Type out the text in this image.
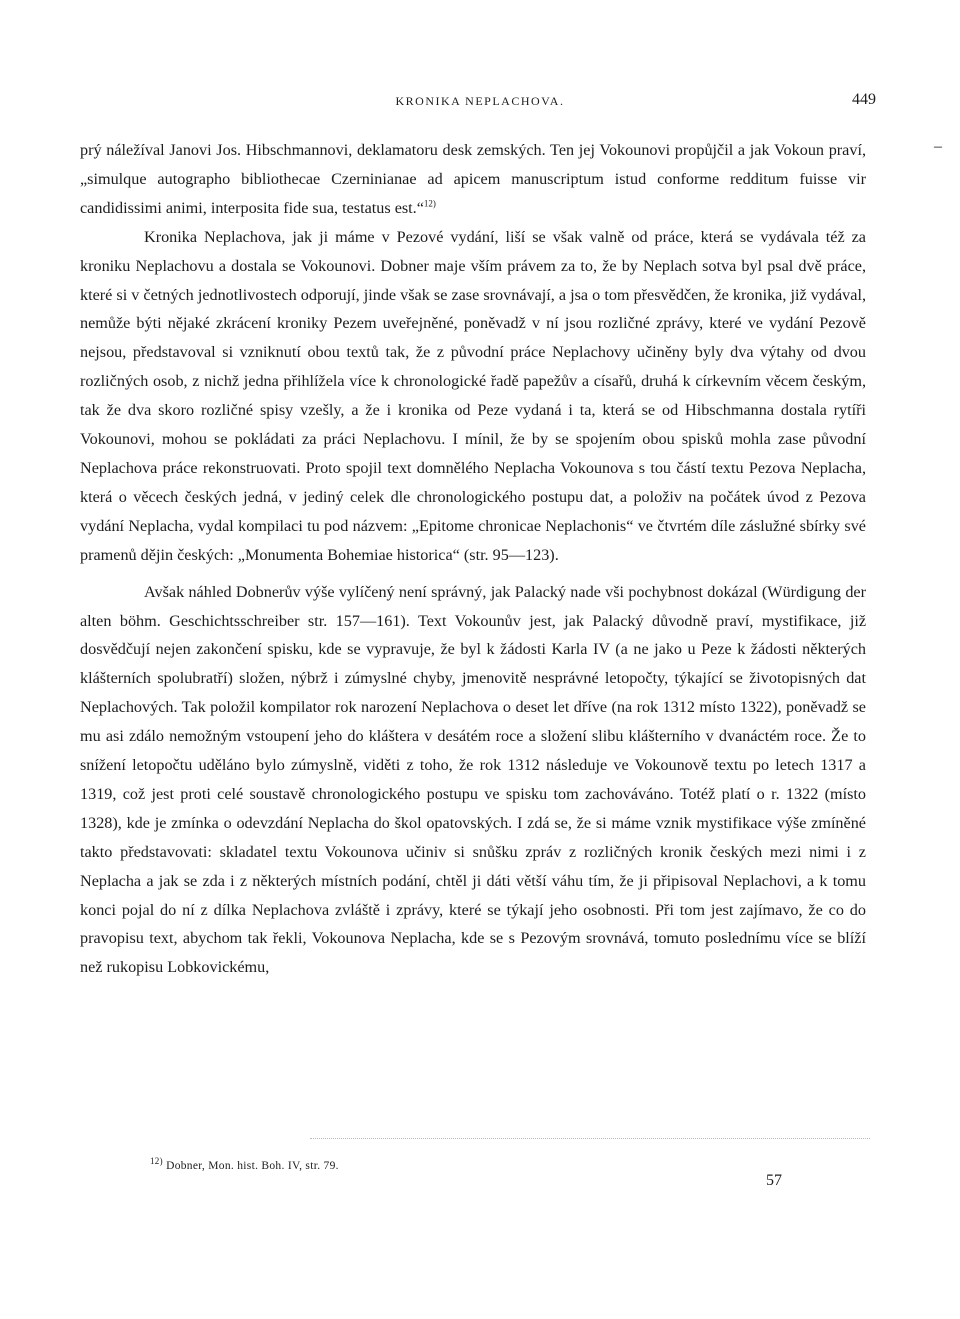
KRONIKA NEPLACHOVA.	449
–

prý náležíval Janovi Jos. Hibschmannovi, deklamatoru desk zemských. Ten jej Vokounovi propůjčil a jak Vokoun praví, „simulque autographo bibliothecae Czerninianae ad apicem manuscriptum istud conforme redditum fuisse vir candidissimi animi, interposita fide sua, testatus est.“$^{12)}$

Kronika Neplachova, jak ji máme v Pezové vydání, liší se však valně od práce, která se vydávala též za kroniku Neplachovu a dostala se Vokounovi. Dobner maje vším právem za to, že by Neplach sotva byl psal dvě práce, které si v četných jednotlivostech odporují, jinde však se zase srovnávají, a jsa o tom přesvědčen, že kronika, již vydával, nemůže býti nějaké zkrácení kroniky Pezem uveřejněné, poněvadž v ní jsou rozličné zprávy, které ve vydání Pezově nejsou, představoval si vzniknutí obou textů tak, že z původní práce Neplachovy učiněny byly dva výtahy od dvou rozličných osob, z nichž jedna přihlížela více k chronologické řadě papežův a císařů, druhá k církevním věcem českým, tak že dva skoro rozličné spisy vzešly, a že i kronika od Peze vydaná i ta, která se od Hibschmanna dostala rytíři Vokounovi, mohou se pokládati za práci Neplachovu. I mínil, že by se spojením obou spisků mohla zase původní Neplachova práce rekonstruovati. Proto spojil text domnělého Neplacha Vokounova s tou částí textu Pezova Neplacha, která o věcech českých jedná, v jediný celek dle chronologického postupu dat, a položiv na počátek úvod z Pezova vydání Neplacha, vydal kompilaci tu pod názvem: „Epitome chronicae Neplachonis“ ve čtvrtém díle záslužné sbírky své pramenů dějin českých: „Monumenta Bohemiae historica“ (str. 95—123).

Avšak náhled Dobnerův výše vylíčený není správný, jak Palacký nade vši pochybnost dokázal (Würdigung der alten böhm. Geschichtsschreiber str. 157—161). Text Vokounův jest, jak Palacký důvodně praví, mystifikace, již dosvědčují nejen zakončení spisku, kde se vypravuje, že byl k žádosti Karla IV (a ne jako u Peze k žádosti některých klášterních spolubratří) složen, nýbrž i zúmyslné chyby, jmenovitě nesprávné letopočty, týkající se životopisných dat Neplachových. Tak položil kompilator rok narození Neplachova o deset let dříve (na rok 1312 místo 1322), poněvadž se mu asi zdálo nemožným vstoupení jeho do kláštera v desátém roce a složení slibu klášterního v dvanáctém roce. Že to snížení letopočtu uděláno bylo zúmyslně, viděti z toho, že rok 1312 následuje ve Vokounově textu po letech 1317 a 1319, což jest proti celé soustavě chronologického postupu ve spisku tom zachováváno. Totéž platí o r. 1322 (místo 1328), kde je zmínka o odevzdání Neplacha do škol opatovských. I zdá se, že si máme vznik mystifikace výše zmíněné takto představovati: skladatel textu Vokounova učiniv si snůšku zpráv z rozličných kronik českých mezi nimi i z Neplacha a jak se zda i z některých místních podání, chtěl ji dáti větší váhu tím, že ji připisoval Neplachovi, a k tomu konci pojal do ní z dílka Neplachova zvláště i zprávy, které se týkají jeho osobnosti. Při tom jest zajímavo, že co do pravopisu text, abychom tak řekli, Vokounova Neplacha, kde se s Pezovým srovnává, tomuto poslednímu více se blíží než rukopisu Lobkovickému,

$^{12)}$ Dobner, Mon. hist. Boh. IV, str. 79.
57
